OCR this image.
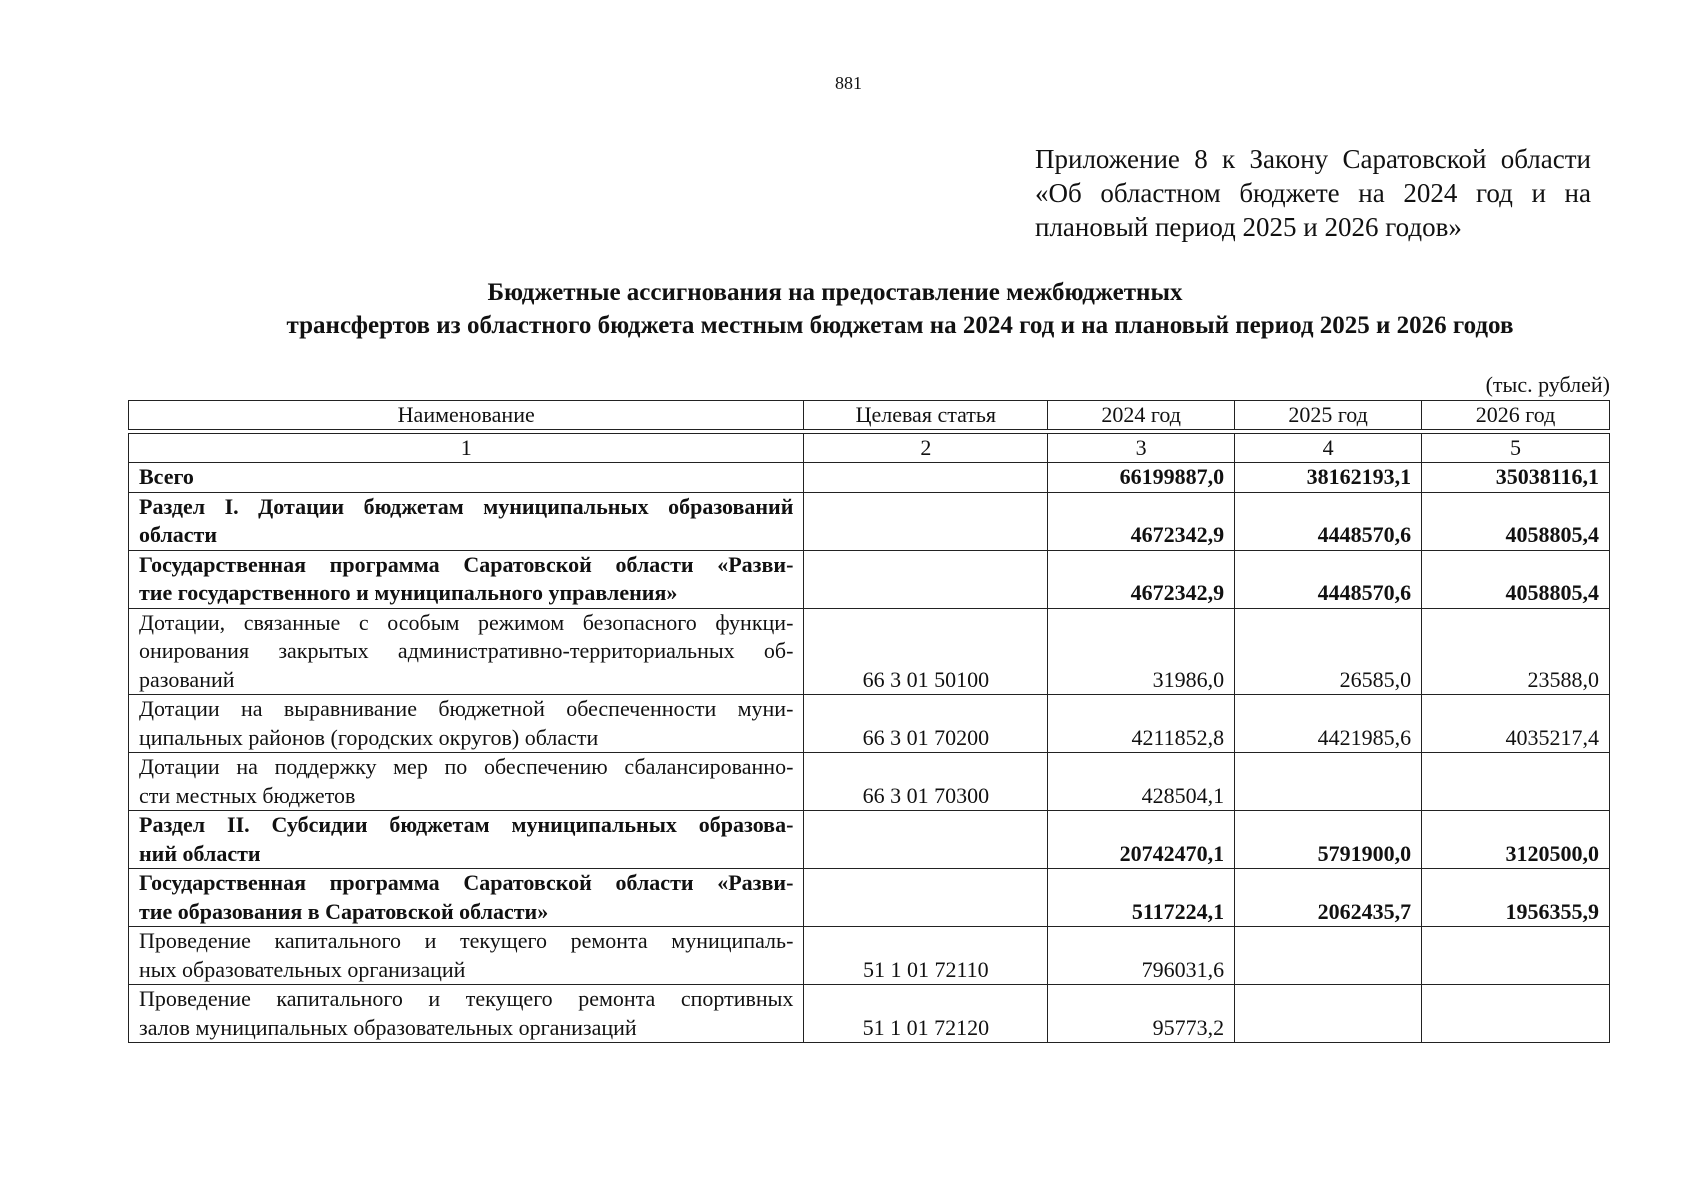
881
Приложение 8 к Закону Саратовской области
«Об областном бюджете на 2024 год и на
плановый период 2025 и 2026 годов»
Бюджетные ассигнования на предоставление межбюджетных
трансфертов из областного бюджета местным бюджетам на 2024 год и на плановый период 2025 и 2026 годов
(тыс. рублей)
Наименование	Целевая статья	2024 год	2025 год	2026 год

1	2	3	4	5

Всего		66199887,0	38162193,1	35038116,1

Раздел I. Дотации бюджетам муниципальных образований
области		4672342,9	4448570,6	4058805,4

Государственная программа Саратовской области «Разви-
тие государственного и муниципального управления»		4672342,9	4448570,6	4058805,4

Дотации, связанные с особым режимом безопасного функци-
онирования закрытых административно-территориальных об-
разований	66 3 01 50100	31986,0	26585,0	23588,0

Дотации на выравнивание бюджетной обеспеченности муни-
ципальных районов (городских округов) области	66 3 01 70200	4211852,8	4421985,6	4035217,4

Дотации на поддержку мер по обеспечению сбалансированно-
сти местных бюджетов	66 3 01 70300	428504,1		

Раздел II. Субсидии бюджетам муниципальных образова-
ний области		20742470,1	5791900,0	3120500,0

Государственная программа Саратовской области «Разви-
тие образования в Саратовской области»		5117224,1	2062435,7	1956355,9

Проведение капитального и текущего ремонта муниципаль-
ных образовательных организаций	51 1 01 72110	796031,6		

Проведение капитального и текущего ремонта спортивных
залов муниципальных образовательных организаций	51 1 01 72120	95773,2		
